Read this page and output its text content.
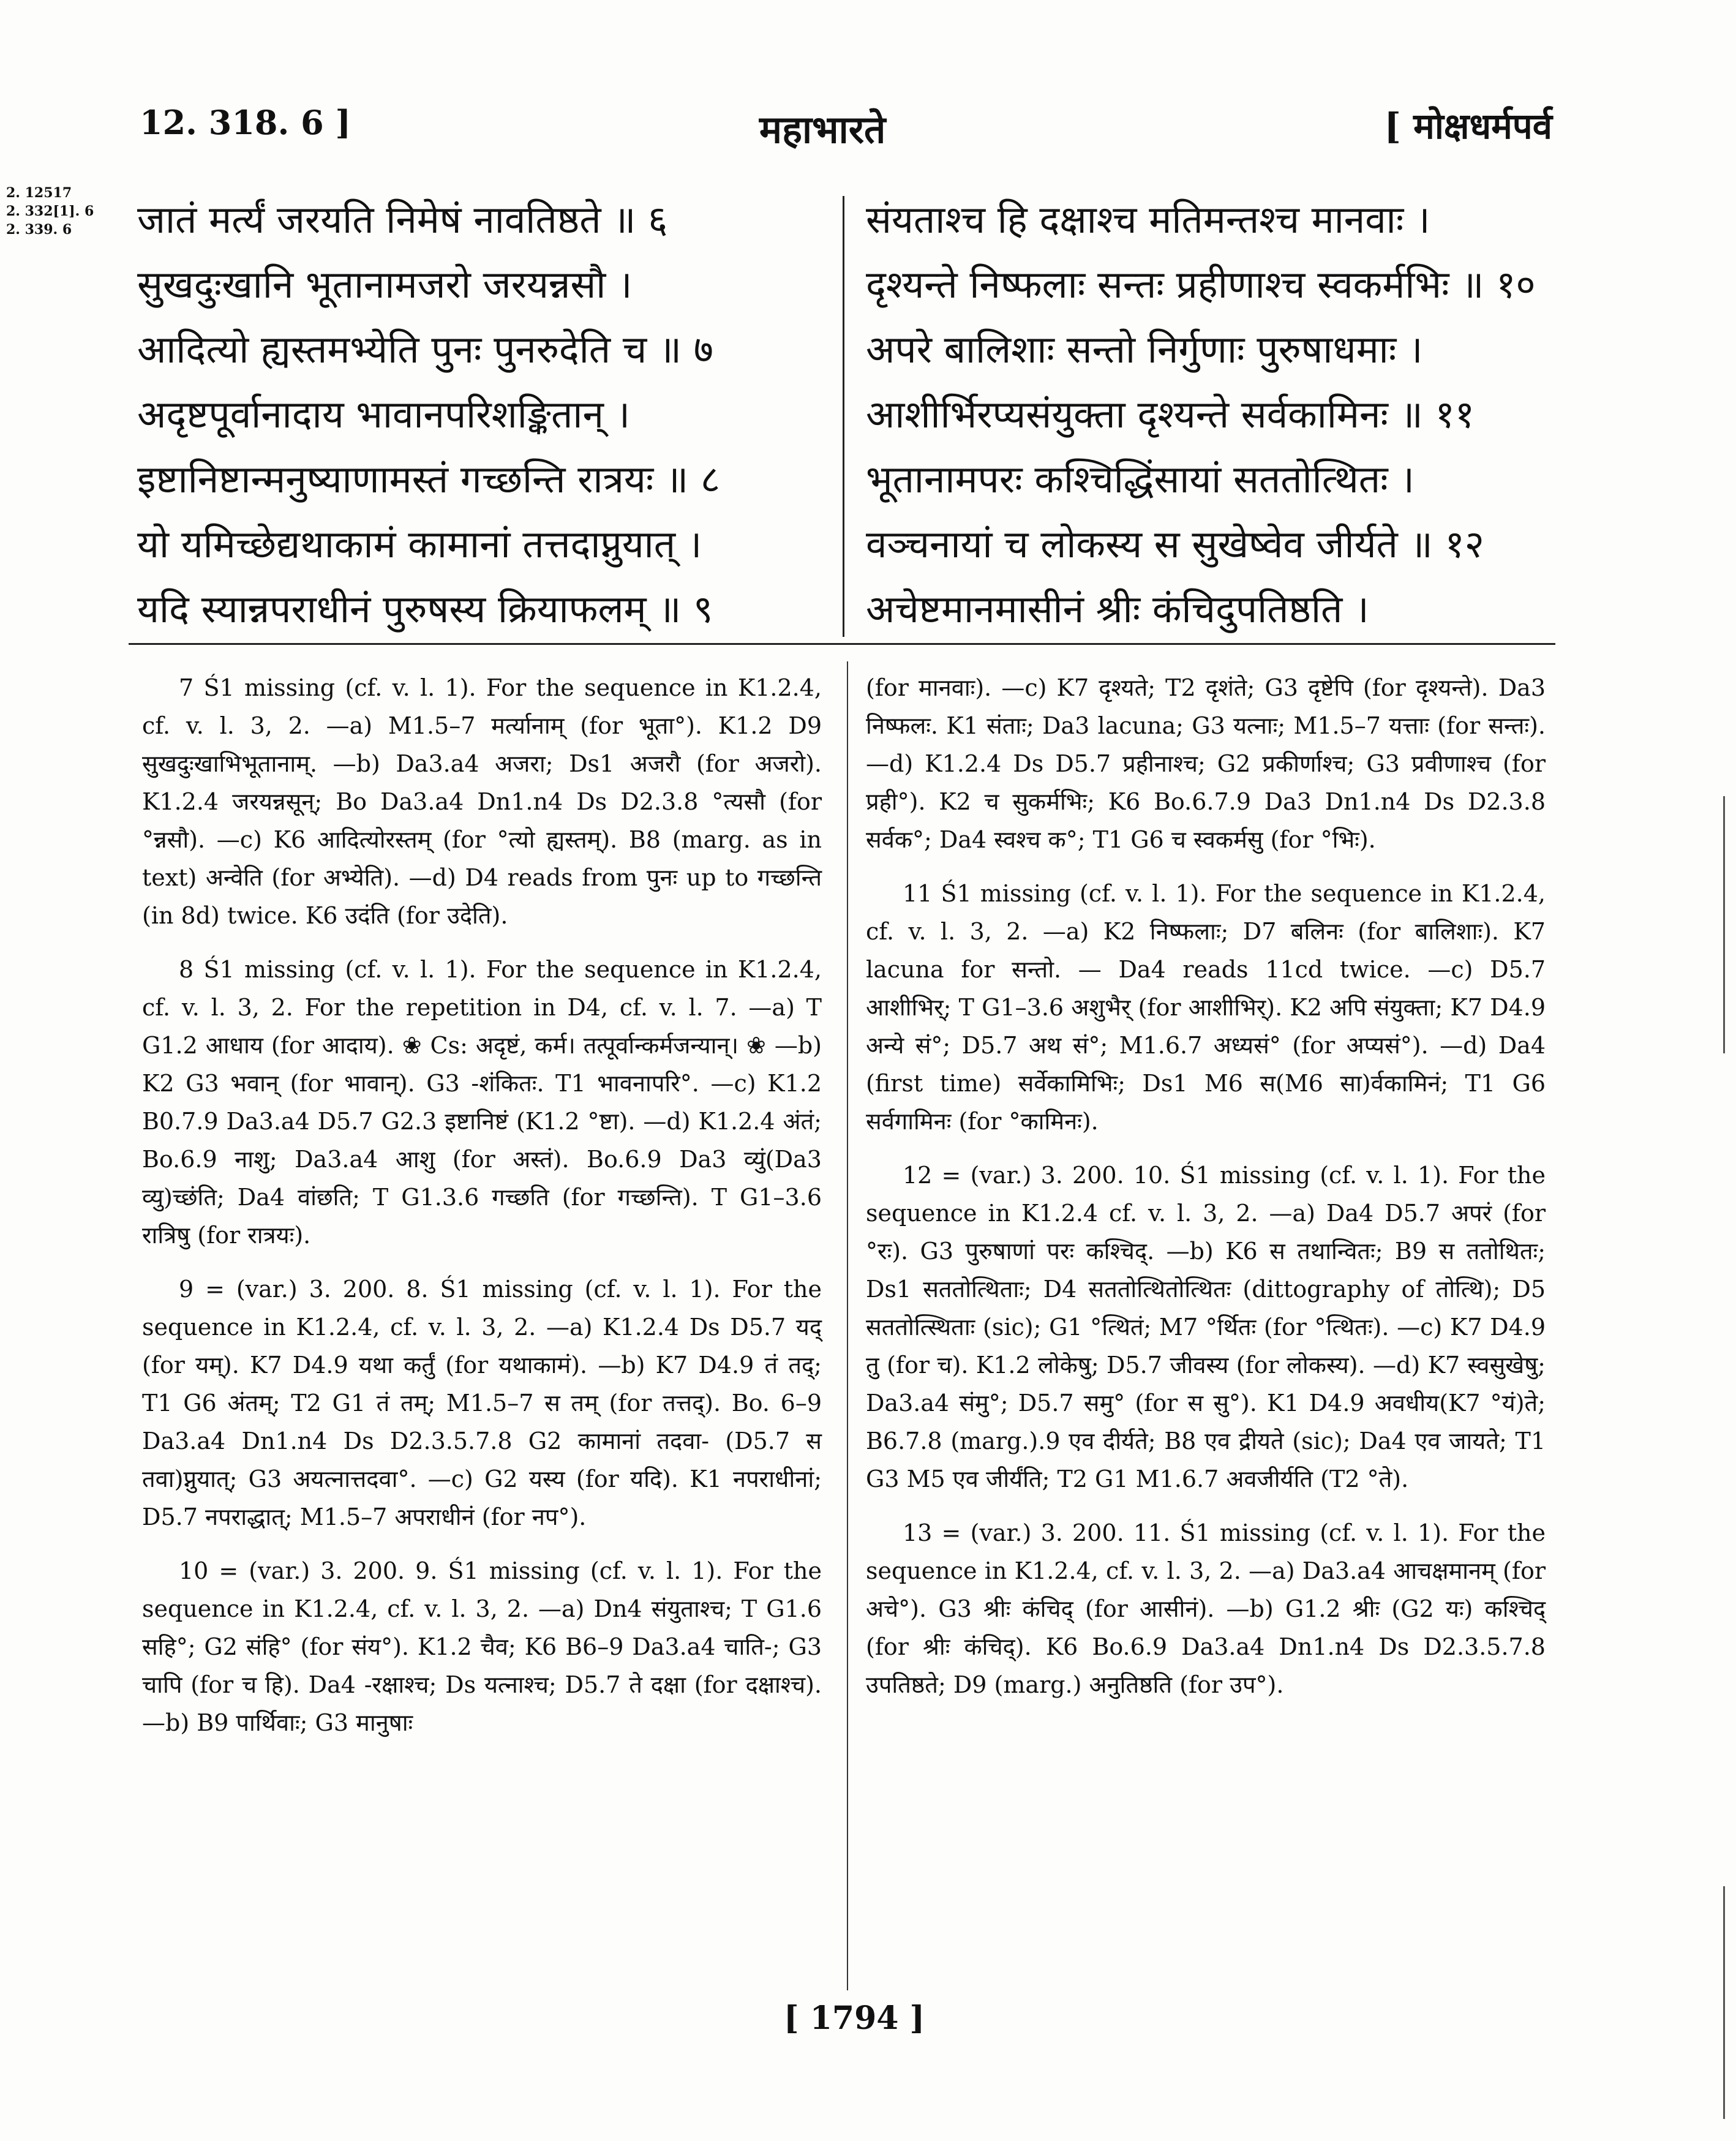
12. 318. 6 ]	महाभारते	[ मोक्षधर्मपर्व
2. 12517
2. 332[1]. 6
2. 339. 6	जातं मर्त्यं जरयति निमेषं नावतिष्ठते ॥ ६
सुखदुःखानि भूतानामजरो जरयन्नसौ ।
आदित्यो ह्यस्तमभ्येति पुनः पुनरुदेति च ॥ ७
अदृष्टपूर्वानादाय भावानपरिशङ्कितान् ।
इष्टानिष्टान्मनुष्याणामस्तं गच्छन्ति रात्रयः ॥ ८
यो यमिच्छेद्यथाकामं कामानां तत्तदाप्नुयात् ।
यदि स्यान्नपराधीनं पुरुषस्य क्रियाफलम् ॥ ९
संयताश्च हि दक्षाश्च मतिमन्तश्च मानवाः ।
दृश्यन्ते निष्फलाः सन्तः प्रहीणाश्च स्वकर्मभिः ॥ १०
अपरे बालिशाः सन्तो निर्गुणाः पुरुषाधमाः ।
आशीर्भिरप्यसंयुक्ता दृश्यन्ते सर्वकामिनः ॥ ११
भूतानामपरः कश्चिद्धिंसायां सततोत्थितः ।
वञ्चनायां च लोकस्य स सुखेष्वेव जीर्यते ॥ १२
अचेष्टमानमासीनं श्रीः कंचिदुपतिष्ठति ।

7 Ś1 missing (cf. v. l. 1). For the sequence in K1.2.4, cf. v. l. 3, 2. —a) M1.5–7 मर्त्यानाम् (for भूता°). K1.2 D9 सुखदुःखाभिभूतानाम्. —b) Da3.a4 अजरा; Ds1 अजरौ (for अजरो). K1.2.4 जरयन्नसून्; Bo Da3.a4 Dn1.n4 Ds D2.3.8 °त्यसौ (for °न्नसौ). —c) K6 आदित्योरस्तम् (for °त्यो ह्यस्तम्). B8 (marg. as in text) अन्वेति (for अभ्येति). —d) D4 reads from पुनः up to गच्छन्ति (in 8d) twice. K6 उदंति (for उदेति).

8 Ś1 missing (cf. v. l. 1). For the sequence in K1.2.4, cf. v. l. 3, 2. For the repetition in D4, cf. v. l. 7. —a) T G1.2 आधाय (for आदाय). ❀ Cs: अदृष्टं, कर्म। तत्पूर्वान्कर्मजन्यान्। ❀ —b) K2 G3 भवान् (for भावान्). G3 -शंकितः. T1 भावनापरि°. —c) K1.2 B0.7.9 Da3.a4 D5.7 G2.3 इष्टानिष्टं (K1.2 °ष्टा). —d) K1.2.4 अंतं; Bo.6.9 नाशु; Da3.a4 आशु (for अस्तं). Bo.6.9 Da3 व्युं(Da3 व्यु)च्छंति; Da4 वांछति; T G1.3.6 गच्छति (for गच्छन्ति). T G1–3.6 रात्रिषु (for रात्रयः).

9 = (var.) 3. 200. 8. Ś1 missing (cf. v. l. 1). For the sequence in K1.2.4, cf. v. l. 3, 2. —a) K1.2.4 Ds D5.7 यद् (for यम्). K7 D4.9 यथा कर्तुं (for यथाकामं). —b) K7 D4.9 तं तद्; T1 G6 अंतम्; T2 G1 तं तम्; M1.5–7 स तम् (for तत्तद्). Bo. 6–9 Da3.a4 Dn1.n4 Ds D2.3.5.7.8 G2 कामानां तदवा- (D5.7 स तवा)प्नुयात्; G3 अयत्नात्तदवा°. —c) G2 यस्य (for यदि). K1 नपराधीनां; D5.7 नपराद्धात्; M1.5–7 अपराधीनं (for नप°).

10 = (var.) 3. 200. 9. Ś1 missing (cf. v. l. 1). For the sequence in K1.2.4, cf. v. l. 3, 2. —a) Dn4 संयुताश्च; T G1.6 सहि°; G2 संहि° (for संय°). K1.2 चैव; K6 B6–9 Da3.a4 चाति-; G3 चापि (for च हि). Da4 -रक्षाश्च; Ds यत्नाश्च; D5.7 ते दक्षा (for दक्षाश्च). —b) B9 पार्थिवाः; G3 मानुषाः

(for मानवाः). —c) K7 दृश्यते; T2 दृशंते; G3 दृष्टेपि (for दृश्यन्ते). Da3 निष्फलः. K1 संताः; Da3 lacuna; G3 यत्नाः; M1.5–7 यत्ताः (for सन्तः). —d) K1.2.4 Ds D5.7 प्रहीनाश्च; G2 प्रकीर्णाश्च; G3 प्रवीणाश्च (for प्रही°). K2 च सुकर्मभिः; K6 Bo.6.7.9 Da3 Dn1.n4 Ds D2.3.8 सर्वक°; Da4 स्वश्च क°; T1 G6 च स्वकर्मसु (for °भिः).

11 Ś1 missing (cf. v. l. 1). For the sequence in K1.2.4, cf. v. l. 3, 2. —a) K2 निष्फलाः; D7 बलिनः (for बालिशाः). K7 lacuna for सन्तो. — Da4 reads 11cd twice. —c) D5.7 आशीभिर्; T G1–3.6 अशुभैर् (for आशीभिर्). K2 अपि संयुक्ता; K7 D4.9 अन्ये सं°; D5.7 अथ सं°; M1.6.7 अध्यसं° (for अप्यसं°). —d) Da4 (first time) सर्वेकामिभिः; Ds1 M6 स(M6 सा)र्वकामिनं; T1 G6 सर्वगामिनः (for °कामिनः).

12 = (var.) 3. 200. 10. Ś1 missing (cf. v. l. 1). For the sequence in K1.2.4 cf. v. l. 3, 2. —a) Da4 D5.7 अपरं (for °रः). G3 पुरुषाणां परः कश्चिद्. —b) K6 स तथान्वितः; B9 स ततोथितः; Ds1 सततोत्थिताः; D4 सततोत्थितोत्थितः (dittography of तोत्थि); D5 सततोत्स्थिताः (sic); G1 °त्थितं; M7 °र्थितः (for °त्थितः). —c) K7 D4.9 तु (for च). K1.2 लोकेषु; D5.7 जीवस्य (for लोकस्य). —d) K7 स्वसुखेषु; Da3.a4 संमु°; D5.7 समु° (for स सु°). K1 D4.9 अवधीय(K7 °यं)ते; B6.7.8 (marg.).9 एव दीर्यते; B8 एव द्रीयते (sic); Da4 एव जायते; T1 G3 M5 एव जीर्यंति; T2 G1 M1.6.7 अवजीर्यति (T2 °ते).

13 = (var.) 3. 200. 11. Ś1 missing (cf. v. l. 1). For the sequence in K1.2.4, cf. v. l. 3, 2. —a) Da3.a4 आचक्षमानम् (for अचे°). G3 श्रीः कंचिद् (for आसीनं). —b) G1.2 श्रीः (G2 यः) कश्चिद् (for श्रीः कंचिद्). K6 Bo.6.9 Da3.a4 Dn1.n4 Ds D2.3.5.7.8 उपतिष्ठते; D9 (marg.) अनुतिष्ठति (for उप°).

[ 1794 ]
